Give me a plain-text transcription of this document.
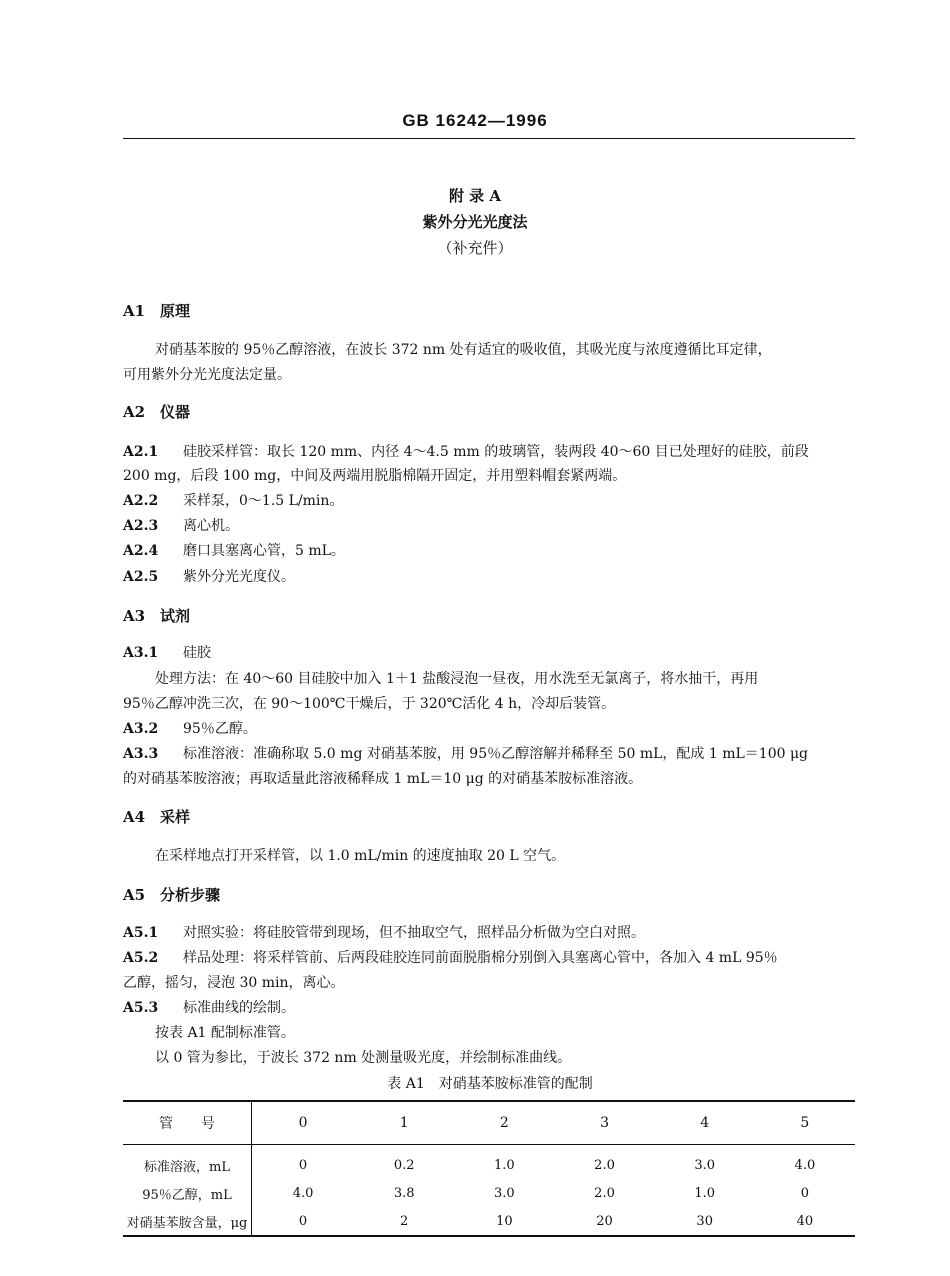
GB 16242—1996
附 录 A
紫外分光光度法
（补充件）
A1 原理
对硝基苯胺的 95％乙醇溶液，在波长 372 nm 处有适宜的吸收值，其吸光度与浓度遵循比耳定律，
可用紫外分光光度法定量。
A2 仪器
A2.1 硅胶采样管：取长 120 mm、内径 4～4.5 mm 的玻璃管，装两段 40～60 目已处理好的硅胶，前段
200 mg，后段 100 mg，中间及两端用脱脂棉隔开固定，并用塑料帽套紧两端。
A2.2 采样泵，0～1.5 L/min。
A2.3 离心机。
A2.4 磨口具塞离心管，5 mL。
A2.5 紫外分光光度仪。
A3 试剂
A3.1 硅胶
处理方法：在 40～60 目硅胶中加入 1＋1 盐酸浸泡一昼夜，用水洗至无氯离子，将水抽干，再用
95％乙醇冲洗三次，在 90～100℃干燥后，于 320℃活化 4 h，冷却后装管。
A3.2 95％乙醇。
A3.3 标准溶液：准确称取 5.0 mg 对硝基苯胺，用 95％乙醇溶解并稀释至 50 mL，配成 1 mL＝100 μg
的对硝基苯胺溶液；再取适量此溶液稀释成 1 mL＝10 μg 的对硝基苯胺标准溶液。
A4 采样
在采样地点打开采样管，以 1.0 mL/min 的速度抽取 20 L 空气。
A5 分析步骤
A5.1 对照实验：将硅胶管带到现场，但不抽取空气，照样品分析做为空白对照。
A5.2 样品处理：将采样管前、后两段硅胶连同前面脱脂棉分别倒入具塞离心管中，各加入 4 mL 95％
乙醇，摇匀，浸泡 30 min，离心。
A5.3 标准曲线的绘制。
按表 A1 配制标准管。
以 0 管为参比，于波长 372 nm 处测量吸光度，并绘制标准曲线。
表 A1　对硝基苯胺标准管的配制
管　　号	0	1	2	3	4	5
标准溶液，mL	0	0.2	1.0	2.0	3.0	4.0
95％乙醇，mL	4.0	3.8	3.0	2.0	1.0	0
对硝基苯胺含量，μg	0	2	10	20	30	40
